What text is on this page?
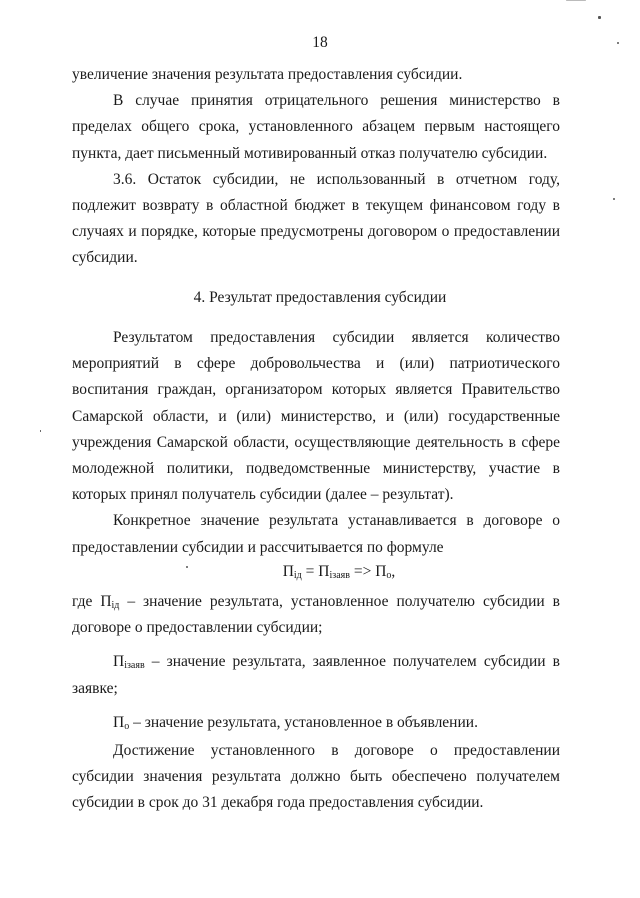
18

увеличение значения результата предоставления субсидии.

В случае принятия отрицательного решения министерство в пределах общего срока, установленного абзацем первым настоящего пункта, дает письменный мотивированный отказ получателю субсидии.

3.6. Остаток субсидии, не использованный в отчетном году, подлежит возврату в областной бюджет в текущем финансовом году в случаях и порядке, которые предусмотрены договором о предоставлении субсидии.

4. Результат предоставления субсидии

Результатом предоставления субсидии является количество мероприятий в сфере добровольчества и (или) патриотического воспитания граждан, организатором которых является Правительство Самарской области, и (или) министерство, и (или) государственные учреждения Самарской области, осуществляющие деятельность в сфере молодежной политики, подведомственные министерству, участие в которых принял получатель субсидии (далее – результат).

Конкретное значение результата устанавливается в договоре о предоставлении субсидии и рассчитывается по формуле

$П_{iд} = П_{iзаяв} => П_o$,

где $П_{iд}$ – значение результата, установленное получателю субсидии в договоре о предоставлении субсидии;

$П_{iзаяв}$ – значение результата, заявленное получателем субсидии в заявке;

$П_о$ – значение результата, установленное в объявлении.

Достижение установленного в договоре о предоставлении субсидии значения результата должно быть обеспечено получателем субсидии в срок до 31 декабря года предоставления субсидии.
